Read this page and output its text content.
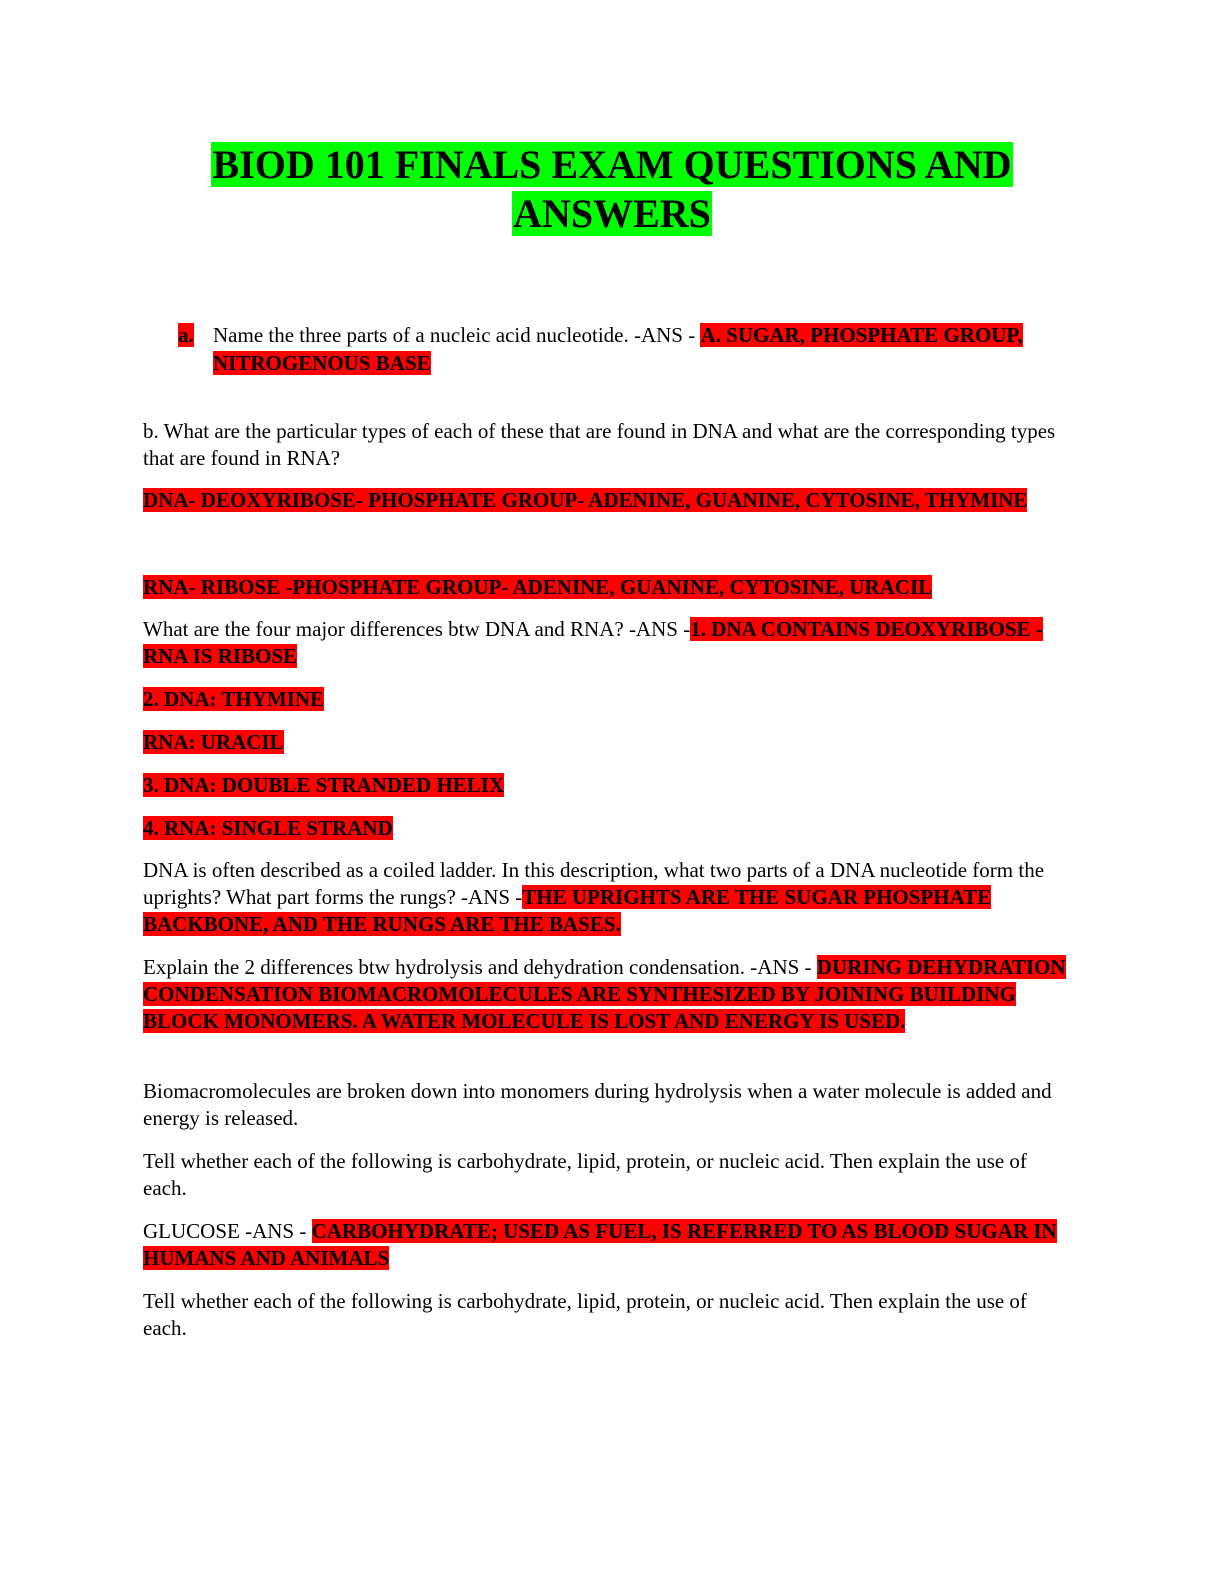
BIOD 101 FINALS EXAM QUESTIONS AND
ANSWERS
a. Name the three parts of a nucleic acid nucleotide. -ANS - A. SUGAR, PHOSPHATE GROUP, NITROGENOUS BASE
b. What are the particular types of each of these that are found in DNA and what are the corresponding types that are found in RNA?
DNA- DEOXYRIBOSE- PHOSPHATE GROUP- ADENINE, GUANINE, CYTOSINE, THYMINE
RNA- RIBOSE -PHOSPHATE GROUP- ADENINE, GUANINE, CYTOSINE, URACIL
What are the four major differences btw DNA and RNA? -ANS -1. DNA CONTAINS DEOXYRIBOSE - RNA IS RIBOSE
2. DNA: THYMINE
RNA: URACIL
3. DNA: DOUBLE STRANDED HELIX
4. RNA: SINGLE STRAND
DNA is often described as a coiled ladder. In this description, what two parts of a DNA nucleotide form the uprights? What part forms the rungs? -ANS -THE UPRIGHTS ARE THE SUGAR PHOSPHATE BACKBONE, AND THE RUNGS ARE THE BASES.
Explain the 2 differences btw hydrolysis and dehydration condensation. -ANS - DURING DEHYDRATION CONDENSATION BIOMACROMOLECULES ARE SYNTHESIZED BY JOINING BUILDING BLOCK MONOMERS. A WATER MOLECULE IS LOST AND ENERGY IS USED.
Biomacromolecules are broken down into monomers during hydrolysis when a water molecule is added and energy is released.
Tell whether each of the following is carbohydrate, lipid, protein, or nucleic acid. Then explain the use of each.
GLUCOSE -ANS - CARBOHYDRATE; USED AS FUEL, IS REFERRED TO AS BLOOD SUGAR IN HUMANS AND ANIMALS
Tell whether each of the following is carbohydrate, lipid, protein, or nucleic acid. Then explain the use of each.
